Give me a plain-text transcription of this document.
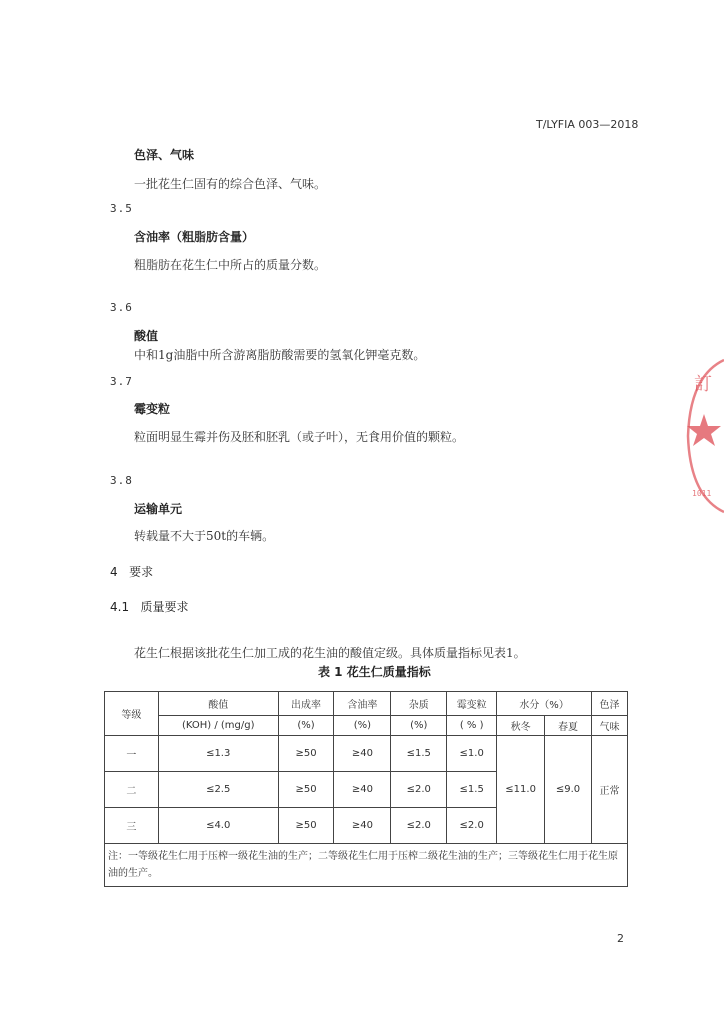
T/LYFIA 003—2018
色泽、气味
一批花生仁固有的综合色泽、气味。
3.5
含油率（粗脂肪含量）
粗脂肪在花生仁中所占的质量分数。
3.6
酸值
中和1g油脂中所含游离脂肪酸需要的氢氧化钾毫克数。
3.7
霉变粒
粒面明显生霉并伤及胚和胚乳（或子叶），无食用价值的颗粒。
3.8
运输单元
转载量不大于50t的车辆。
4 要求
4.1 质量要求
花生仁根据该批花生仁加工成的花生油的酸值定级。具体质量指标见表1。
表 1 花生仁质量指标
等级	酸值	出成率	含油率	杂质	霉变粒	水分（%）		色泽
	(KOH) / (mg/g)	(%)	(%)	(%)	( % )	秋冬	春夏	气味
一	≤1.3	≥50	≥40	≤1.5	≤1.0	≤11.0	≤9.0	正常
二	≤2.5	≥50	≥40	≤2.0	≤1.5			
三	≤4.0	≥50	≥40	≤2.0	≤2.0			
注：一等级花生仁用于压榨一级花生油的生产；二等级花生仁用于压榨二级花生油的生产；三等级花生仁用于花生原油的生产。								
2
訂
1011
